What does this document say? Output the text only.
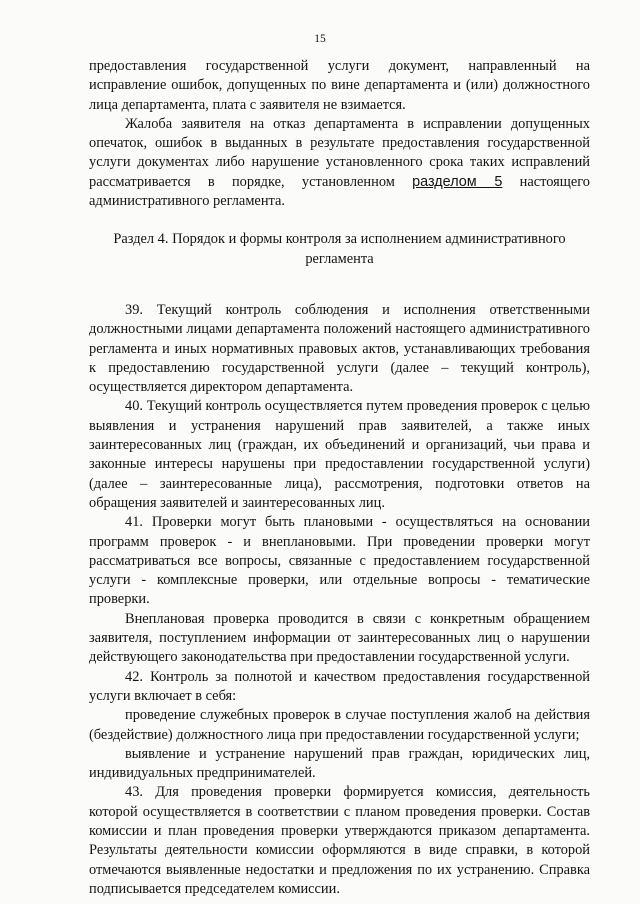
15

предоставления государственной услуги документ, направленный на исправление ошибок, допущенных по вине департамента и (или) должностного лица департамента, плата с заявителя не взимается.

Жалоба заявителя на отказ департамента в исправлении допущенных опечаток, ошибок в выданных в результате предоставления государственной услуги документах либо нарушение установленного срока таких исправлений рассматривается в порядке, установленном разделом 5 настоящего административного регламента.

Раздел 4. Порядок и формы контроля за исполнением административного регламента

39. Текущий контроль соблюдения и исполнения ответственными должностными лицами департамента положений настоящего административного регламента и иных нормативных правовых актов, устанавливающих требования к предоставлению государственной услуги (далее – текущий контроль), осуществляется директором департамента.

40. Текущий контроль осуществляется путем проведения проверок с целью выявления и устранения нарушений прав заявителей, а также иных заинтересованных лиц (граждан, их объединений и организаций, чьи права и законные интересы нарушены при предоставлении государственной услуги) (далее – заинтересованные лица), рассмотрения, подготовки ответов на обращения заявителей и заинтересованных лиц.

41. Проверки могут быть плановыми - осуществляться на основании программ проверок - и внеплановыми. При проведении проверки могут рассматриваться все вопросы, связанные с предоставлением государственной услуги - комплексные проверки, или отдельные вопросы - тематические проверки.

Внеплановая проверка проводится в связи с конкретным обращением заявителя, поступлением информации от заинтересованных лиц о нарушении действующего законодательства при предоставлении государственной услуги.

42. Контроль за полнотой и качеством предоставления государственной услуги включает в себя:

проведение служебных проверок в случае поступления жалоб на действия (бездействие) должностного лица при предоставлении государственной услуги;

выявление и устранение нарушений прав граждан, юридических лиц, индивидуальных предпринимателей.

43. Для проведения проверки формируется комиссия, деятельность которой осуществляется в соответствии с планом проведения проверки. Состав комиссии и план проведения проверки утверждаются приказом департамента. Результаты деятельности комиссии оформляются в виде справки, в которой отмечаются выявленные недостатки и предложения по их устранению. Справка подписывается председателем комиссии.
